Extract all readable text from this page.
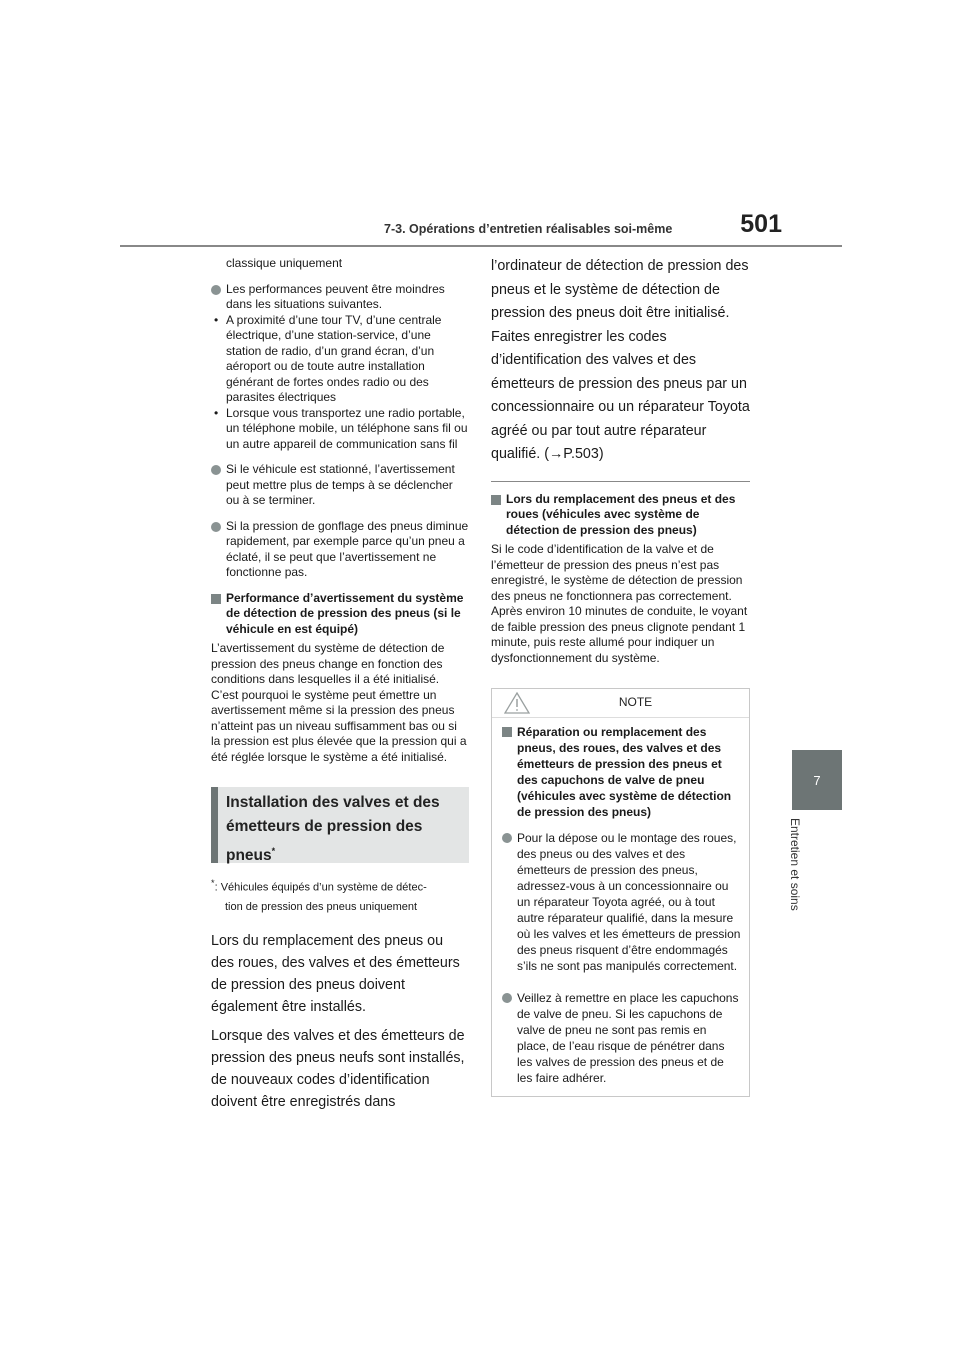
7-3. Opérations d’entretien réalisables soi-même	501
7
Entretien et soins

classique uniquement

Les performances peuvent être moindres dans les situations suivantes.
• A proximité d’une tour TV, d’une centrale électrique, d’une station-service, d’une station de radio, d’un grand écran, d’un aéroport ou de toute autre installation générant de fortes ondes radio ou des parasites électriques
• Lorsque vous transportez une radio portable, un téléphone mobile, un téléphone sans fil ou un autre appareil de communication sans fil
Si le véhicule est stationné, l’avertissement peut mettre plus de temps à se déclencher ou à se terminer.
Si la pression de gonflage des pneus diminue rapidement, par exemple parce qu’un pneu a éclaté, il se peut que l’avertissement ne fonctionne pas.
Performance d’avertissement du système de détection de pression des pneus (si le véhicule en est équipé)

L’avertissement du système de détection de pression des pneus change en fonction des conditions dans lesquelles il a été initialisé. C’est pourquoi le système peut émettre un avertissement même si la pression des pneus n’atteint pas un niveau suffisamment bas ou si la pression est plus élevée que la pression qui a été réglée lorsque le système a été initialisé.

Installation des valves et des
émetteurs de pression des
pneus*
*: Véhicules équipés d’un système de détec-
tion de pression des pneus uniquement

Lors du remplacement des pneus ou des roues, des valves et des émetteurs de pression des pneus doivent également être installés.

Lorsque des valves et des émetteurs de pression des pneus neufs sont installés, de nouveaux codes d’identification doivent être enregistrés dans

l’ordinateur de détection de pression des pneus et le système de détection de pression des pneus doit être initialisé. Faites enregistrer les codes d’identification des valves et des émetteurs de pression des pneus par un concessionnaire ou un réparateur Toyota agréé ou par tout autre réparateur qualifié. (→P.503)

Lors du remplacement des pneus et des roues (véhicules avec système de détection de pression des pneus)

Si le code d’identification de la valve et de l’émetteur de pression des pneus n’est pas enregistré, le système de détection de pression des pneus ne fonctionnera pas correctement. Après environ 10 minutes de conduite, le voyant de faible pression des pneus clignote pendant 1 minute, puis reste allumé pour indiquer un dysfonctionnement du système.

NOTE
Réparation ou remplacement des pneus, des roues, des valves et des émetteurs de pression des pneus et des capuchons de valve de pneu (véhicules avec système de détection de pression des pneus)
Pour la dépose ou le montage des roues, des pneus ou des valves et des émetteurs de pression des pneus, adressez-vous à un concessionnaire ou un réparateur Toyota agréé, ou à tout autre réparateur qualifié, dans la mesure où les valves et les émetteurs de pression des pneus risquent d’être endommagés s’ils ne sont pas manipulés correctement.
Veillez à remettre en place les capuchons de valve de pneu. Si les capuchons de valve de pneu ne sont pas remis en place, de l’eau risque de pénétrer dans les valves de pression des pneus et de les faire adhérer.
